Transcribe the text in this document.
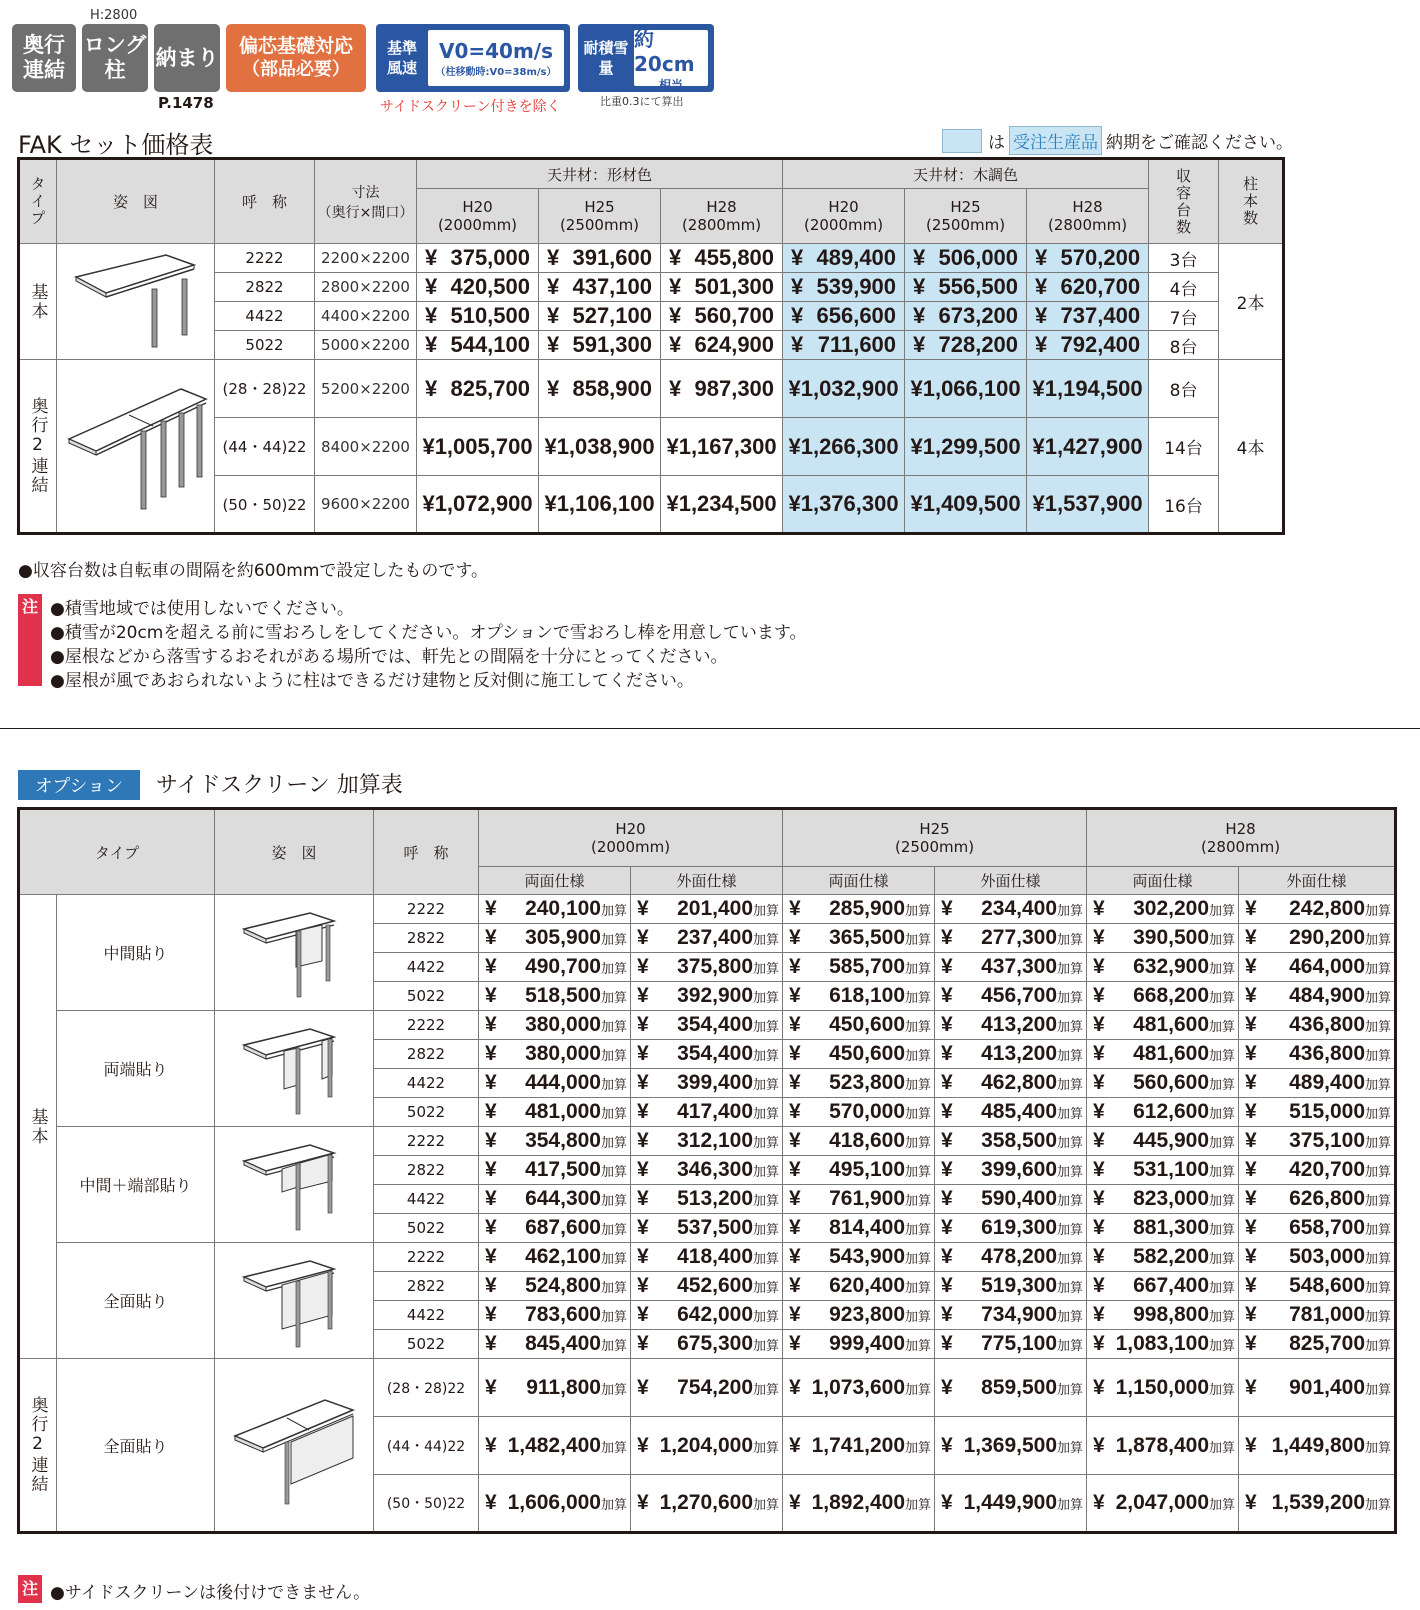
H:2800
奥行
連結
ロング
柱
納まり 偏芯基礎対応
（部品必要）
P.1478
基準
風速
V0=40m/s
（柱移動時:V0=38m/s）
耐積雪
量
約20cm
相当
サイドスクリーン付きを除く	比重0.3にて算出
FAK セット価格表	は 受注生産品 納期をご確認ください。
タイプ	姿　図	呼　称	寸法
（奥行×間口）	天井材：形材色			天井材：木調色			収容台数	柱本数

				H20
(2000mm)	H25
(2500mm)	H28
(2800mm)	H20
(2000mm)	H25
(2500mm)	H28
(2800mm)		

基本		2222	2200×2200	¥ 375,000	¥ 391,600	¥ 455,800	¥ 489,400	¥ 506,000	¥ 570,200	3台	2本
		2822	2800×2200	¥ 420,500	¥ 437,100	¥ 501,300	¥ 539,900	¥ 556,500	¥ 620,700	4台	
		4422	4400×2200	¥ 510,500	¥ 527,100	¥ 560,700	¥ 656,600	¥ 673,200	¥ 737,400	7台	
		5022	5000×2200	¥ 544,100	¥ 591,300	¥ 624,900	¥ 711,600	¥ 728,200	¥ 792,400	8台	

奥行2連結		(28・28)22	5200×2200	¥ 825,700	¥ 858,900	¥ 987,300	¥1,032,900	¥1,066,100	¥1,194,500	8台	4本
		(44・44)22	8400×2200	¥1,005,700	¥1,038,900	¥1,167,300	¥1,266,300	¥1,299,500	¥1,427,900	14台	
		(50・50)22	9600×2200	¥1,072,900	¥1,106,100	¥1,234,500	¥1,376,300	¥1,409,500	¥1,537,900	16台	
●収容台数は自転車の間隔を約600mmで設定したものです。
注 ●積雪地域では使用しないでください。
●積雪が20cmを超える前に雪おろしをしてください。オプションで雪おろし棒を用意しています。
●屋根などから落雪するおそれがある場所では、軒先との間隔を十分にとってください。
●屋根が風であおられないように柱はできるだけ建物と反対側に施工してください。
オプション	サイドスクリーン 加算表
タイプ		姿　図	呼　称	H20
(2000mm)		H25
(2500mm)		H28
(2800mm)	
				両面仕様	外面仕様	両面仕様	外面仕様	両面仕様	外面仕様

基本	中間貼り		2222	¥ 240,100加算	¥ 201,400加算	¥ 285,900加算	¥ 234,400加算	¥ 302,200加算	¥ 242,800加算

			2822	¥ 305,900加算	¥ 237,400加算	¥ 365,500加算	¥ 277,300加算	¥ 390,500加算	¥ 290,200加算

			4422	¥ 490,700加算	¥ 375,800加算	¥ 585,700加算	¥ 437,300加算	¥ 632,900加算	¥ 464,000加算

			5022	¥ 518,500加算	¥ 392,900加算	¥ 618,100加算	¥ 456,700加算	¥ 668,200加算	¥ 484,900加算

	両端貼り		2222	¥ 380,000加算	¥ 354,400加算	¥ 450,600加算	¥ 413,200加算	¥ 481,600加算	¥ 436,800加算

			2822	¥ 380,000加算	¥ 354,400加算	¥ 450,600加算	¥ 413,200加算	¥ 481,600加算	¥ 436,800加算

			4422	¥ 444,000加算	¥ 399,400加算	¥ 523,800加算	¥ 462,800加算	¥ 560,600加算	¥ 489,400加算

			5022	¥ 481,000加算	¥ 417,400加算	¥ 570,000加算	¥ 485,400加算	¥ 612,600加算	¥ 515,000加算

	中間＋端部貼り		2222	¥ 354,800加算	¥ 312,100加算	¥ 418,600加算	¥ 358,500加算	¥ 445,900加算	¥ 375,100加算

			2822	¥ 417,500加算	¥ 346,300加算	¥ 495,100加算	¥ 399,600加算	¥ 531,100加算	¥ 420,700加算

			4422	¥ 644,300加算	¥ 513,200加算	¥ 761,900加算	¥ 590,400加算	¥ 823,000加算	¥ 626,800加算

			5022	¥ 687,600加算	¥ 537,500加算	¥ 814,400加算	¥ 619,300加算	¥ 881,300加算	¥ 658,700加算

	全面貼り		2222	¥ 462,100加算	¥ 418,400加算	¥ 543,900加算	¥ 478,200加算	¥ 582,200加算	¥ 503,000加算

			2822	¥ 524,800加算	¥ 452,600加算	¥ 620,400加算	¥ 519,300加算	¥ 667,400加算	¥ 548,600加算

			4422	¥ 783,600加算	¥ 642,000加算	¥ 923,800加算	¥ 734,900加算	¥ 998,800加算	¥ 781,000加算

			5022	¥ 845,400加算	¥ 675,300加算	¥ 999,400加算	¥ 775,100加算	¥ 1,083,100加算	¥ 825,700加算

奥行2連結	全面貼り		(28・28)22	¥ 911,800加算	¥ 754,200加算	¥ 1,073,600加算	¥ 859,500加算	¥ 1,150,000加算	¥ 901,400加算

			(44・44)22	¥ 1,482,400加算	¥ 1,204,000加算	¥ 1,741,200加算	¥ 1,369,500加算	¥ 1,878,400加算	¥ 1,449,800加算

			(50・50)22	¥ 1,606,000加算	¥ 1,270,600加算	¥ 1,892,400加算	¥ 1,449,900加算	¥ 2,047,000加算	¥ 1,539,200加算
注 ●サイドスクリーンは後付けできません。
